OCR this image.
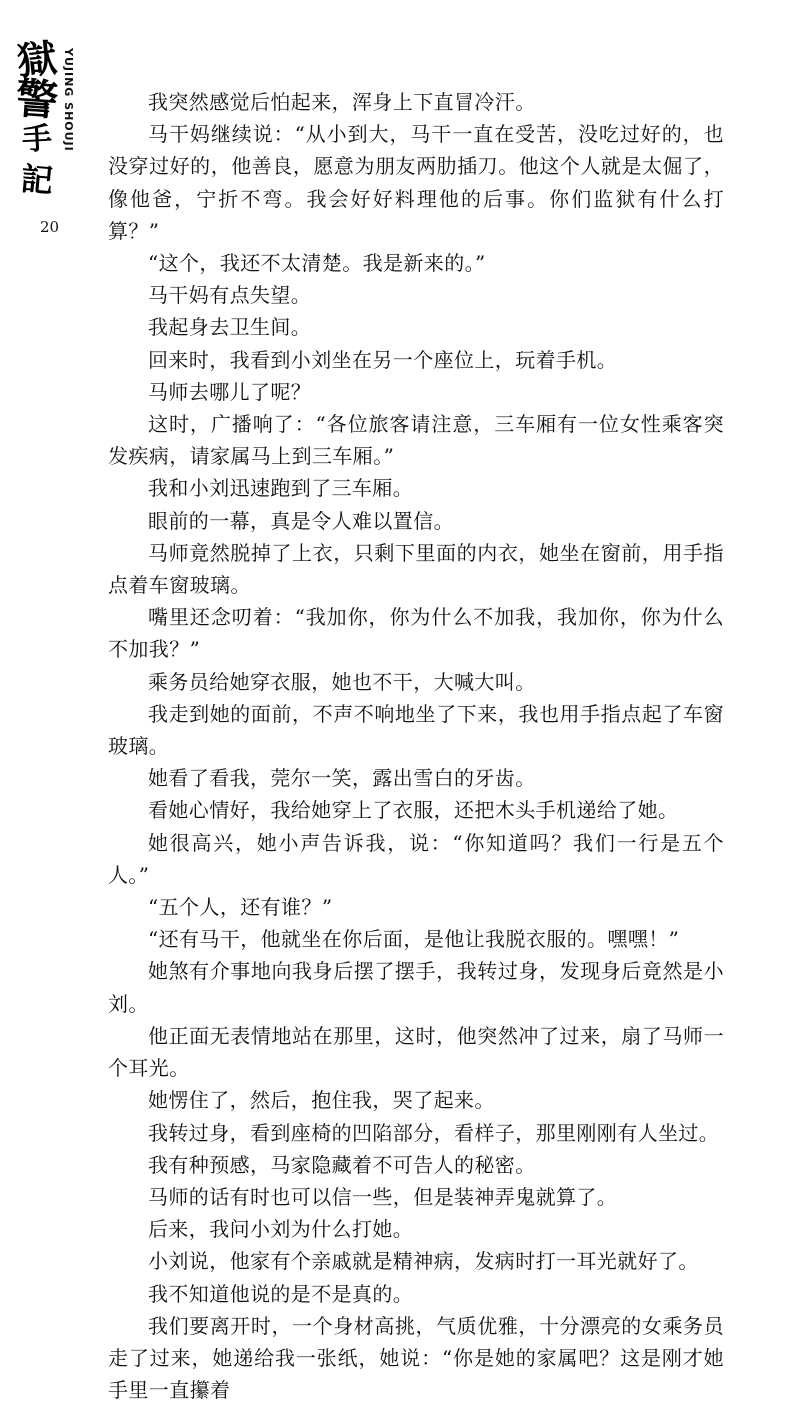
獄
警
手
記
YUJING SHOUJI
20

我突然感觉后怕起来，浑身上下直冒冷汗。

马干妈继续说：“从小到大，马干一直在受苦，没吃过好的，也没穿过好的，他善良，愿意为朋友两肋插刀。他这个人就是太倔了，像他爸，宁折不弯。我会好好料理他的后事。你们监狱有什么打算？”

“这个，我还不太清楚。我是新来的。”

马干妈有点失望。

我起身去卫生间。

回来时，我看到小刘坐在另一个座位上，玩着手机。

马师去哪儿了呢？

这时，广播响了：“各位旅客请注意，三车厢有一位女性乘客突发疾病，请家属马上到三车厢。”

我和小刘迅速跑到了三车厢。

眼前的一幕，真是令人难以置信。

马师竟然脱掉了上衣，只剩下里面的内衣，她坐在窗前，用手指点着车窗玻璃。

嘴里还念叨着：“我加你，你为什么不加我，我加你，你为什么不加我？”

乘务员给她穿衣服，她也不干，大喊大叫。

我走到她的面前，不声不响地坐了下来，我也用手指点起了车窗玻璃。

她看了看我，莞尔一笑，露出雪白的牙齿。

看她心情好，我给她穿上了衣服，还把木头手机递给了她。

她很高兴，她小声告诉我，说：“你知道吗？我们一行是五个人。”

“五个人，还有谁？”

“还有马干，他就坐在你后面，是他让我脱衣服的。嘿嘿！”

她煞有介事地向我身后摆了摆手，我转过身，发现身后竟然是小刘。

他正面无表情地站在那里，这时，他突然冲了过来，扇了马师一个耳光。

她愣住了，然后，抱住我，哭了起来。

我转过身，看到座椅的凹陷部分，看样子，那里刚刚有人坐过。

我有种预感，马家隐藏着不可告人的秘密。

马师的话有时也可以信一些，但是装神弄鬼就算了。

后来，我问小刘为什么打她。

小刘说，他家有个亲戚就是精神病，发病时打一耳光就好了。

我不知道他说的是不是真的。

我们要离开时，一个身材高挑，气质优雅，十分漂亮的女乘务员走了过来，她递给我一张纸，她说：“你是她的家属吧？这是刚才她手里一直攥着
